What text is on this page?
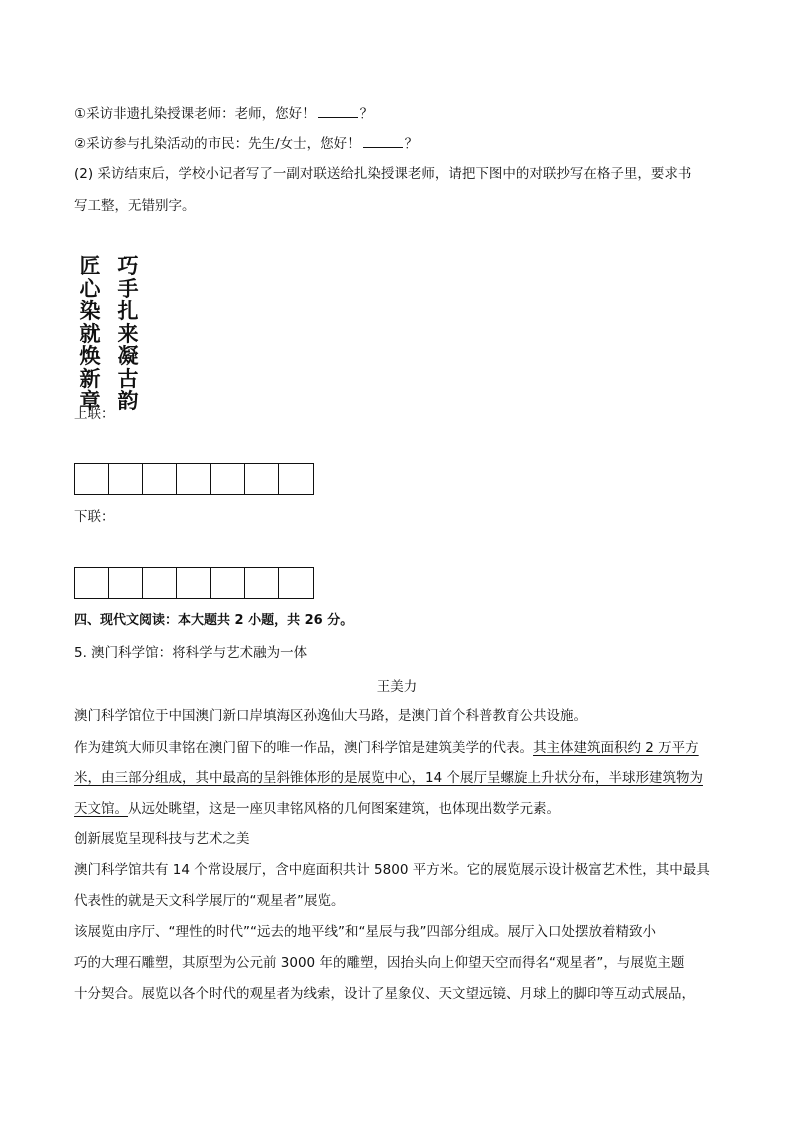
①采访非遗扎染授课老师：老师，您好！	？
②采访参与扎染活动的市民：先生/女士，您好！	？
(2) 采访结束后，学校小记者写了一副对联送给扎染授课老师，请把下图中的对联抄写在格子里，要求书
写工整，无错别字。
匠
心
染
就
焕
新
章
巧
手
扎
来
凝
古
韵
上联：
下联：
四、现代文阅读：本大题共 2 小题，共 26 分。
5. 澳门科学馆：将科学与艺术融为一体
王美力
澳门科学馆位于中国澳门新口岸填海区孙逸仙大马路，是澳门首个科普教育公共设施。
作为建筑大师贝聿铭在澳门留下的唯一作品，澳门科学馆是建筑美学的代表。其主体建筑面积约 2 万平方
米，由三部分组成，其中最高的呈斜锥体形的是展览中心，14 个展厅呈螺旋上升状分布，半球形建筑物为
天文馆。从远处眺望，这是一座贝聿铭风格的几何图案建筑，也体现出数学元素。
创新展览呈现科技与艺术之美
澳门科学馆共有 14 个常设展厅，含中庭面积共计 5800 平方米。它的展览展示设计极富艺术性，其中最具
代表性的就是天文科学展厅的“观星者”展览。
该展览由序厅、“理性的时代”“远去的地平线”和“星辰与我”四部分组成。展厅入口处摆放着精致小
巧的大理石雕塑，其原型为公元前 3000 年的雕塑，因抬头向上仰望天空而得名“观星者”，与展览主题
十分契合。展览以各个时代的观星者为线索，设计了星象仪、天文望远镜、月球上的脚印等互动式展品，
